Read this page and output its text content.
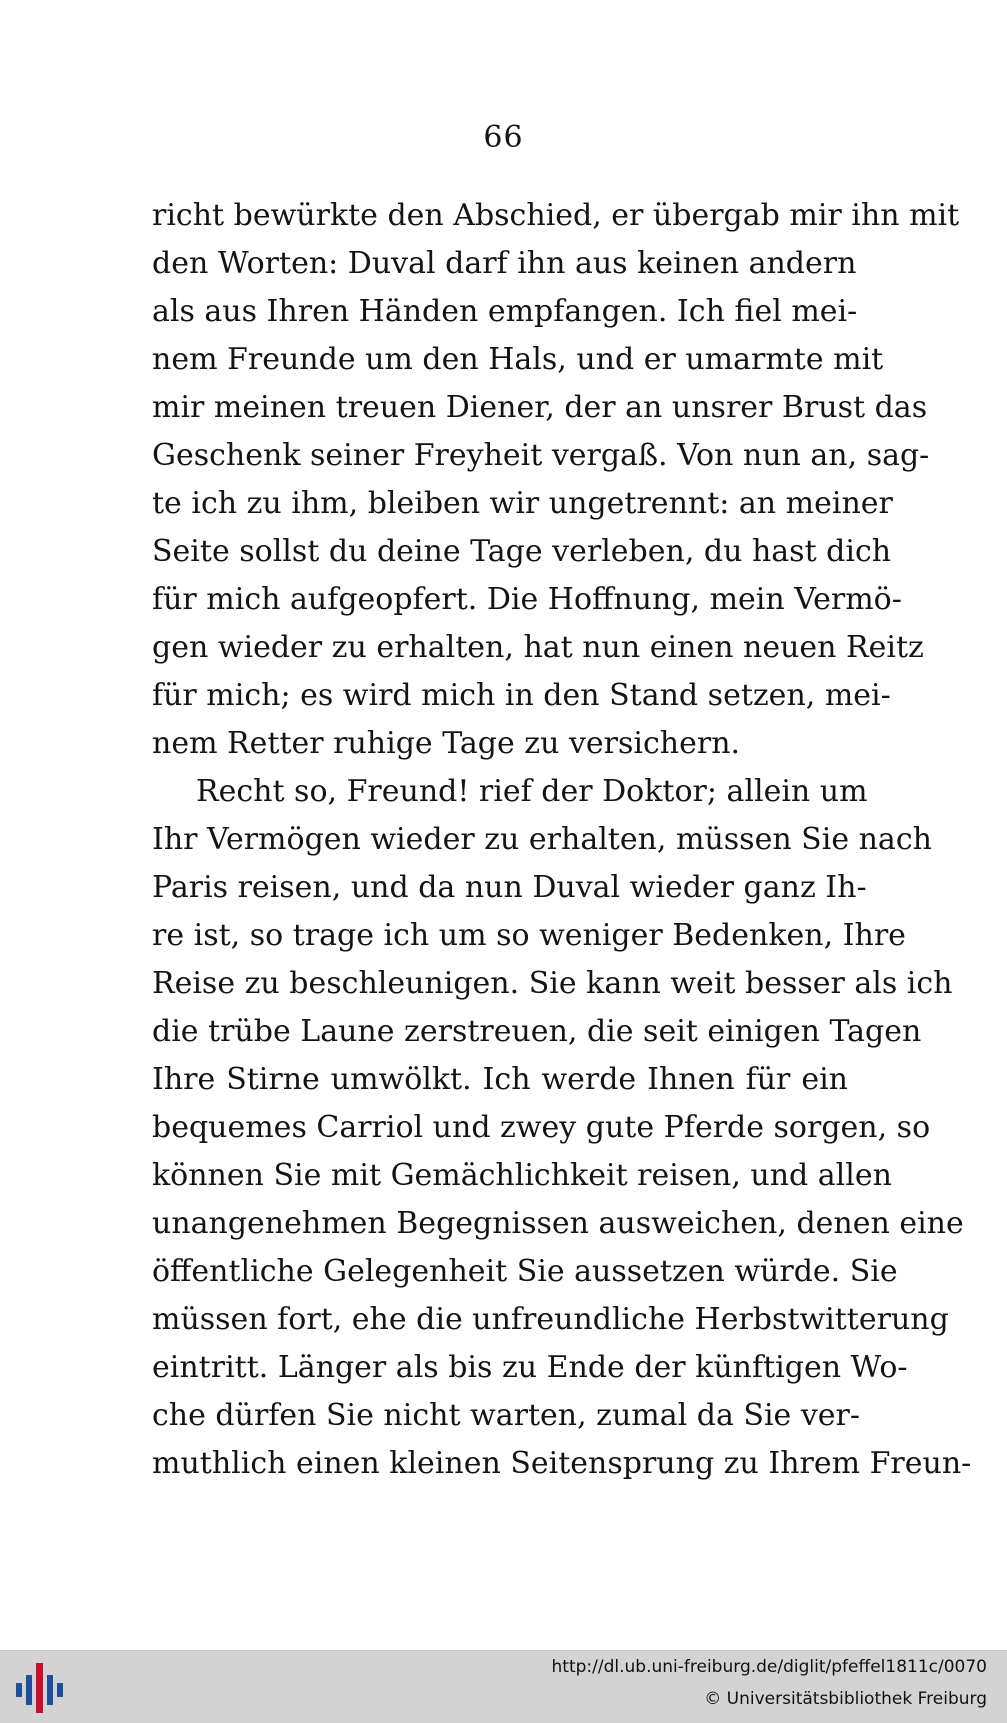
66
richt bewürkte den Abschied, er übergab mir ihn mit
den Worten: Duval darf ihn aus keinen andern
als aus Ihren Händen empfangen. Ich fiel mei-
nem Freunde um den Hals, und er umarmte mit
mir meinen treuen Diener, der an unsrer Brust das
Geschenk seiner Freyheit vergaß. Von nun an, sag-
te ich zu ihm, bleiben wir ungetrennt: an meiner
Seite sollst du deine Tage verleben, du hast dich
für mich aufgeopfert. Die Hoffnung, mein Vermö-
gen wieder zu erhalten, hat nun einen neuen Reitz
für mich; es wird mich in den Stand setzen, mei-
nem Retter ruhige Tage zu versichern.
Recht so, Freund! rief der Doktor; allein um
Ihr Vermögen wieder zu erhalten, müssen Sie nach
Paris reisen, und da nun Duval wieder ganz Ih-
re ist, so trage ich um so weniger Bedenken, Ihre
Reise zu beschleunigen. Sie kann weit besser als ich
die trübe Laune zerstreuen, die seit einigen Tagen
Ihre Stirne umwölkt. Ich werde Ihnen für ein
bequemes Carriol und zwey gute Pferde sorgen, so
können Sie mit Gemächlichkeit reisen, und allen
unangenehmen Begegnissen ausweichen, denen eine
öffentliche Gelegenheit Sie aussetzen würde. Sie
müssen fort, ehe die unfreundliche Herbstwitterung
eintritt. Länger als bis zu Ende der künftigen Wo-
che dürfen Sie nicht warten, zumal da Sie ver-
muthlich einen kleinen Seitensprung zu Ihrem Freun-
http://dl.ub.uni-freiburg.de/diglit/pfeffel1811c/0070
© Universitätsbibliothek Freiburg
